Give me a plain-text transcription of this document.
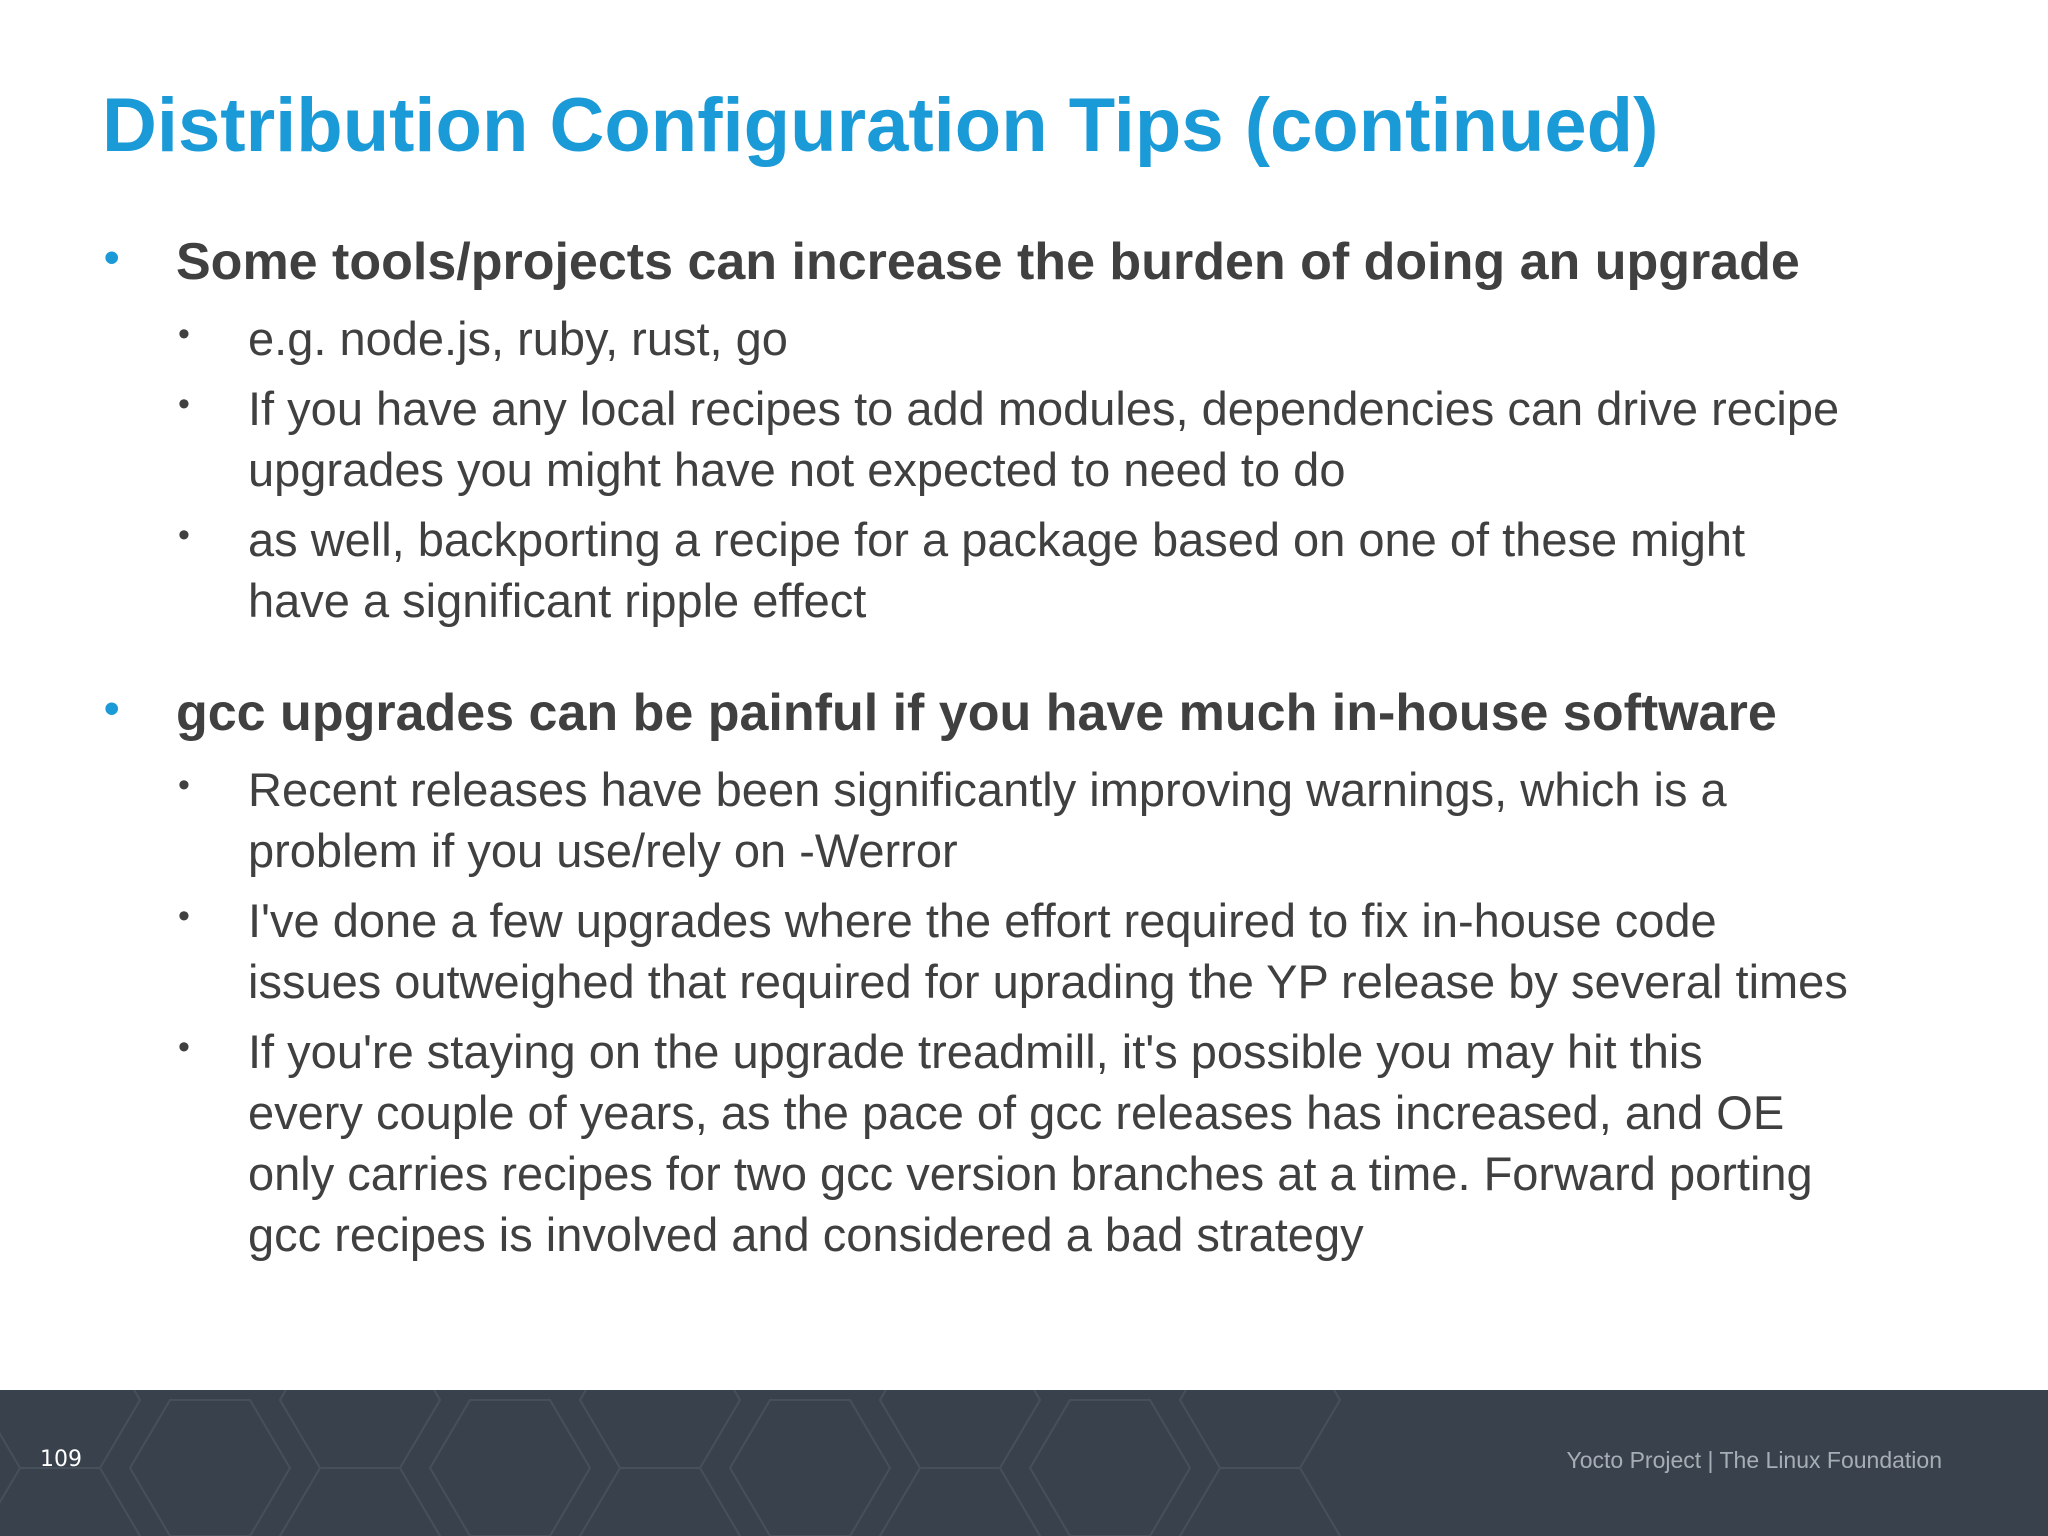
Distribution Configuration Tips (continued)
• Some tools/projects can increase the burden of doing an upgrade
• e.g. node.js, ruby, rust, go
• If you have any local recipes to add modules, dependencies can drive recipe
upgrades you might have not expected to need to do
• as well, backporting a recipe for a package based on one of these might
have a significant ripple effect
• gcc upgrades can be painful if you have much in-house software
• Recent releases have been significantly improving warnings, which is a
problem if you use/rely on -Werror
• I've done a few upgrades where the effort required to fix in-house code
issues outweighed that required for uprading the YP release by several times
• If you're staying on the upgrade treadmill, it's possible you may hit this
every couple of years, as the pace of gcc releases has increased, and OE
only carries recipes for two gcc version branches at a time. Forward porting
gcc recipes is involved and considered a bad strategy
109	Yocto Project | The Linux Foundation
